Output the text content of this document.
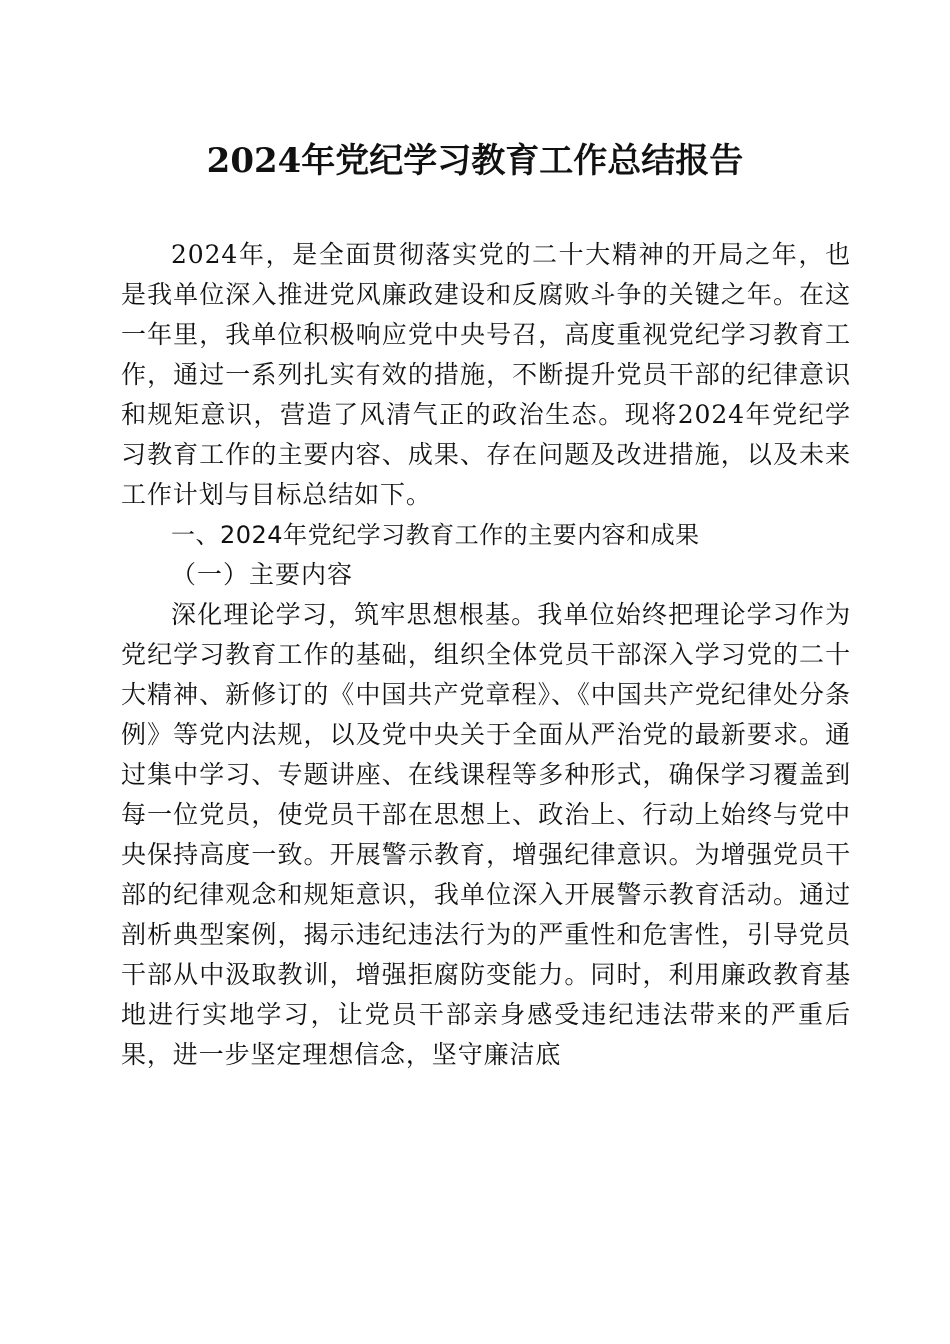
2024年党纪学习教育工作总结报告

2024年，是全面贯彻落实党的二十大精神的开局之年，也是我单位深入推进党风廉政建设和反腐败斗争的关键之年。在这一年里，我单位积极响应党中央号召，高度重视党纪学习教育工作，通过一系列扎实有效的措施，不断提升党员干部的纪律意识和规矩意识，营造了风清气正的政治生态。现将2024年党纪学习教育工作的主要内容、成果、存在问题及改进措施，以及未来工作计划与目标总结如下。

一、2024年党纪学习教育工作的主要内容和成果

（一）主要内容

深化理论学习，筑牢思想根基。我单位始终把理论学习作为党纪学习教育工作的基础，组织全体党员干部深入学习党的二十大精神、新修订的《中国共产党章程》、《中国共产党纪律处分条例》等党内法规，以及党中央关于全面从严治党的最新要求。通过集中学习、专题讲座、在线课程等多种形式，确保学习覆盖到每一位党员，使党员干部在思想上、政治上、行动上始终与党中央保持高度一致。开展警示教育，增强纪律意识。为增强党员干部的纪律观念和规矩意识，我单位深入开展警示教育活动。通过剖析典型案例，揭示违纪违法行为的严重性和危害性，引导党员干部从中汲取教训，增强拒腐防变能力。同时，利用廉政教育基地进行实地学习，让党员干部亲身感受违纪违法带来的严重后果，进一步坚定理想信念，坚守廉洁底
